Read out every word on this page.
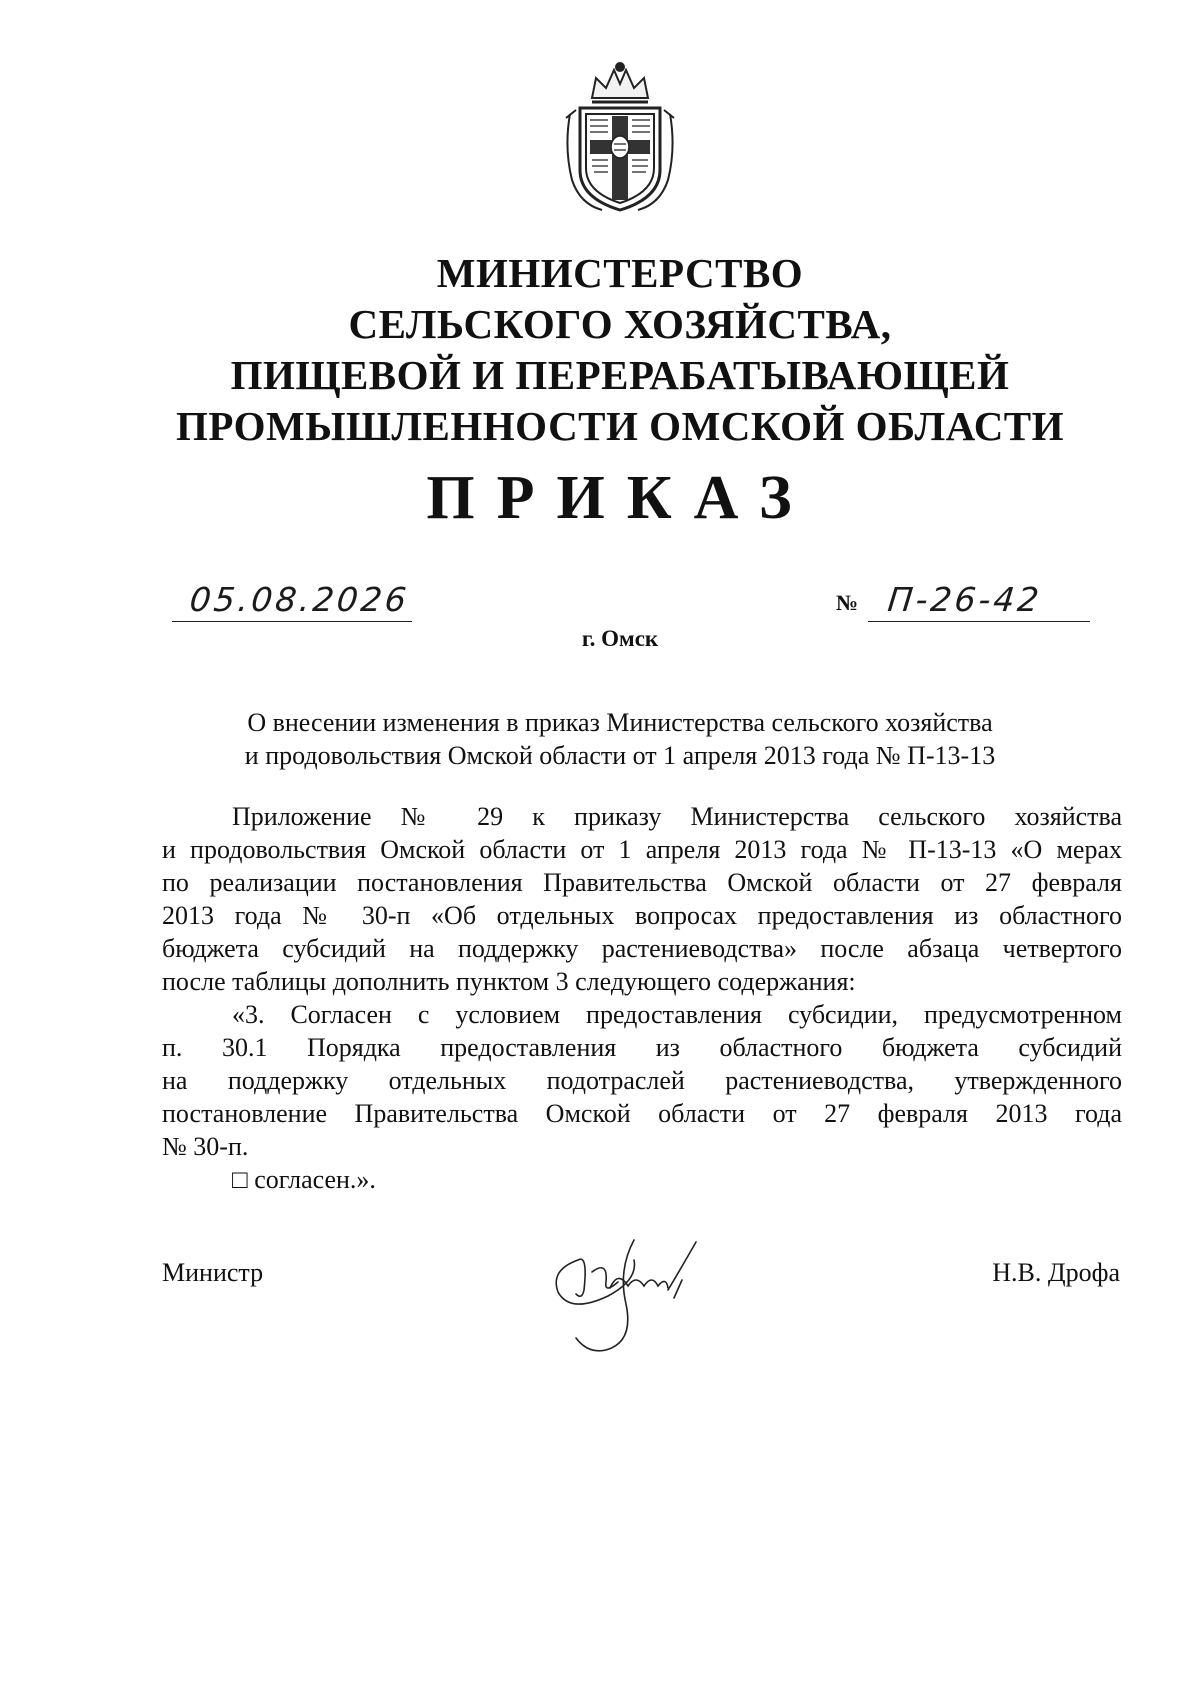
МИНИСТЕРСТВО
СЕЛЬСКОГО ХОЗЯЙСТВА,
ПИЩЕВОЙ И ПЕРЕРАБАТЫВАЮЩЕЙ
ПРОМЫШЛЕННОСТИ ОМСКОЙ ОБЛАСТИ
ПРИКАЗ
05.08.2026	№ П-26-42
г. Омск
О внесении изменения в приказ Министерства сельского хозяйства
и продовольствия Омской области от 1 апреля 2013 года № П-13-13
Приложение № 29 к приказу Министерства сельского хозяйства
и продовольствия Омской области от 1 апреля 2013 года № П-13-13 «О мерах
по реализации постановления Правительства Омской области от 27 февраля
2013 года № 30-п «Об отдельных вопросах предоставления из областного
бюджета субсидий на поддержку растениеводства» после абзаца четвертого
после таблицы дополнить пунктом 3 следующего содержания:
«3. Согласен с условием предоставления субсидии, предусмотренном
п. 30.1 Порядка предоставления из областного бюджета субсидий
на поддержку отдельных подотраслей растениеводства, утвержденного
постановление Правительства Омской области от 27 февраля 2013 года
№ 30-п.
□ согласен.».
Министр	Н.В. Дрофа
